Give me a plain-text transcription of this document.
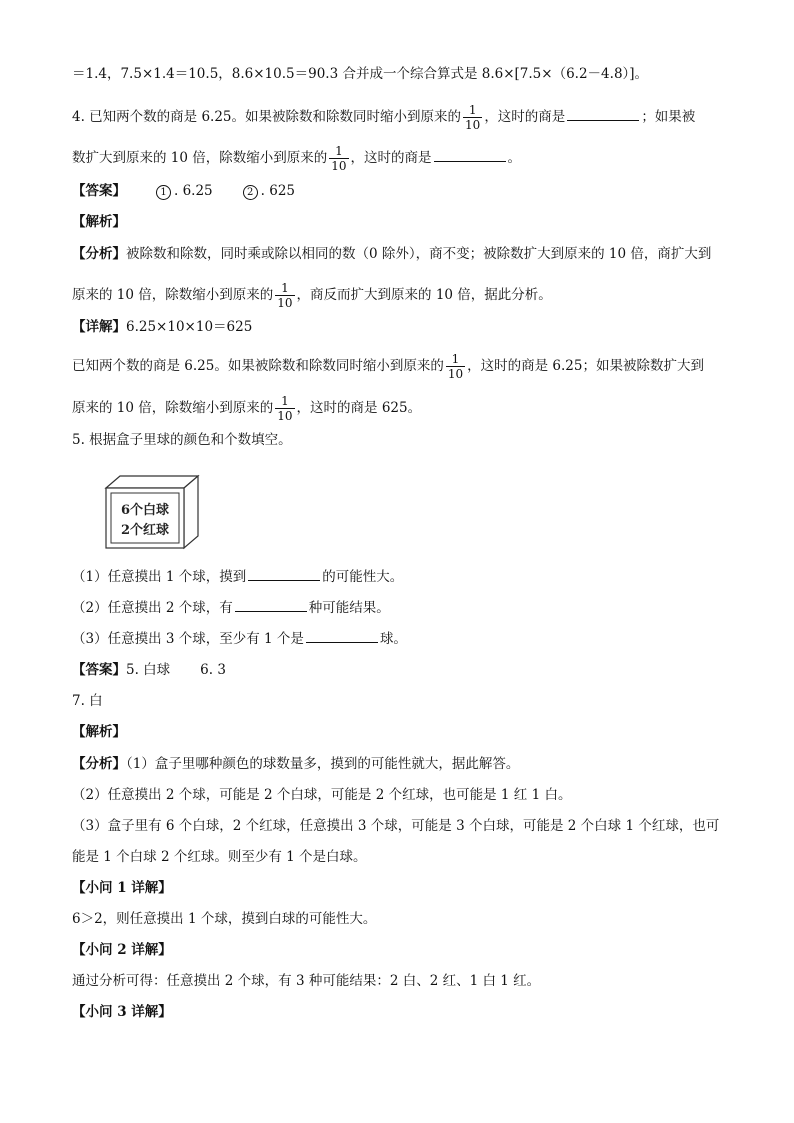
＝1.4，7.5×1.4＝10.5，8.6×10.5＝90.3 合并成一个综合算式是 8.6×[7.5×（6.2－4.8）]。
4. 已知两个数的商是 6.25。如果被除数和除数同时缩小到原来的 $\frac{1}{10}$ ，这时的商是	；如果被
数扩大到原来的 10 倍，除数缩小到原来的 $\frac{1}{10}$ ，这时的商是	。
【答案】	1 . 6.25	2 . 625
【解析】
【分析】被除数和除数，同时乘或除以相同的数（0 除外），商不变；被除数扩大到原来的 10 倍，商扩大到
原来的 10 倍，除数缩小到原来的 $\frac{1}{10}$ ，商反而扩大到原来的 10 倍，据此分析。
【详解】6.25×10×10＝625
已知两个数的商是 6.25。如果被除数和除数同时缩小到原来的 $\frac{1}{10}$ ，这时的商是 6.25；如果被除数扩大到
原来的 10 倍，除数缩小到原来的 $\frac{1}{10}$ ，这时的商是 625。
5. 根据盒子里球的颜色和个数填空。
6个白球
2个红球
（1）任意摸出 1 个球，摸到	的可能性大。
（2）任意摸出 2 个球，有	种可能结果。
（3）任意摸出 3 个球，至少有 1 个是	球。
【答案】5. 白球 6. 3
7. 白
【解析】
【分析】（1）盒子里哪种颜色的球数量多，摸到的可能性就大，据此解答。
（2）任意摸出 2 个球，可能是 2 个白球，可能是 2 个红球，也可能是 1 红 1 白。
（3）盒子里有 6 个白球，2 个红球，任意摸出 3 个球，可能是 3 个白球，可能是 2 个白球 1 个红球，也可
能是 1 个白球 2 个红球。则至少有 1 个是白球。
【小问 1 详解】
6＞2，则任意摸出 1 个球，摸到白球的可能性大。
【小问 2 详解】
通过分析可得：任意摸出 2 个球，有 3 种可能结果：2 白、2 红、1 白 1 红。
【小问 3 详解】
